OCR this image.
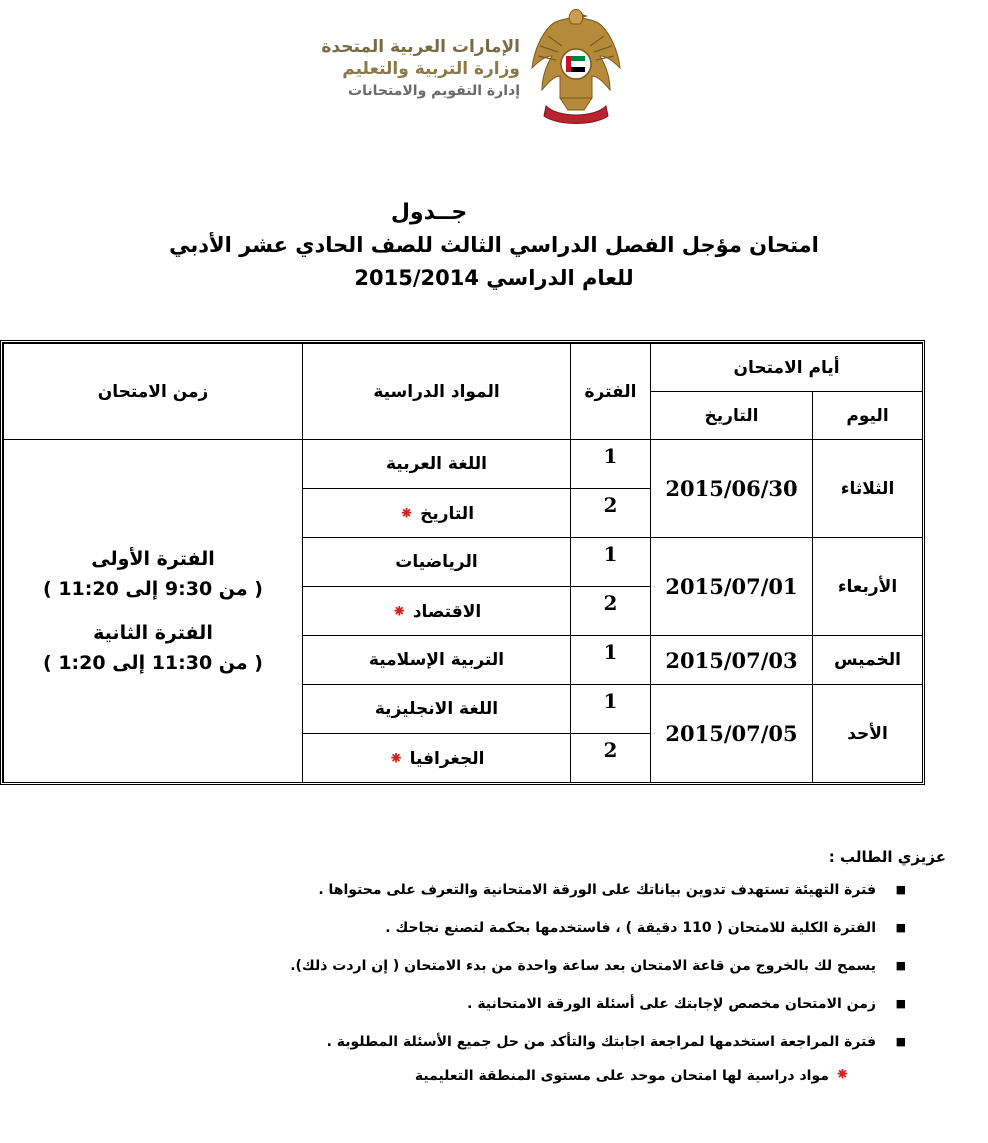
الإمارات العربية المتحدة
وزارة التربية والتعليم
إدارة التقويم والامتحانات
جــدول
امتحان مؤجل الفصل الدراسي الثالث للصف الحادي عشر الأدبي
للعام الدراسي 2015/2014
أيام الامتحان		الفترة	المواد الدراسية	زمن الامتحان
اليوم	التاريخ			
الثلاثاء	2015/06/30	1	اللغة العربية	الفترة الأولى
( من 9:30 إلى 11:20 )
الفترة الثانية
( من 11:30 إلى 1:20 )

		2	التاريخ⁕	
الأربعاء	2015/07/01	1	الرياضيات	
		2	الاقتصاد⁕	
الخميس	2015/07/03	1	التربية الإسلامية	
الأحد	2015/07/05	1	اللغة الانجليزية	
		2	الجغرافيا⁕	
عزيزي الطالب :
■
فترة التهيئة تستهدف تدوين بياناتك على الورقة الامتحانية والتعرف على محتواها .
■
الفترة الكلية للامتحان ( 110 دقيقة ) ، فاستخدمها بحكمة لتصنع نجاحك .
■
يسمح لك بالخروج من قاعة الامتحان بعد ساعة واحدة من بدء الامتحان ( إن اردت ذلك).
■
زمن الامتحان مخصص لإجابتك على أسئلة الورقة الامتحانية .
■
فترة المراجعة استخدمها لمراجعة اجابتك والتأكد من حل جميع الأسئلة المطلوبة .
⁕مواد دراسية لها امتحان موحد على مستوى المنطقة التعليمية
